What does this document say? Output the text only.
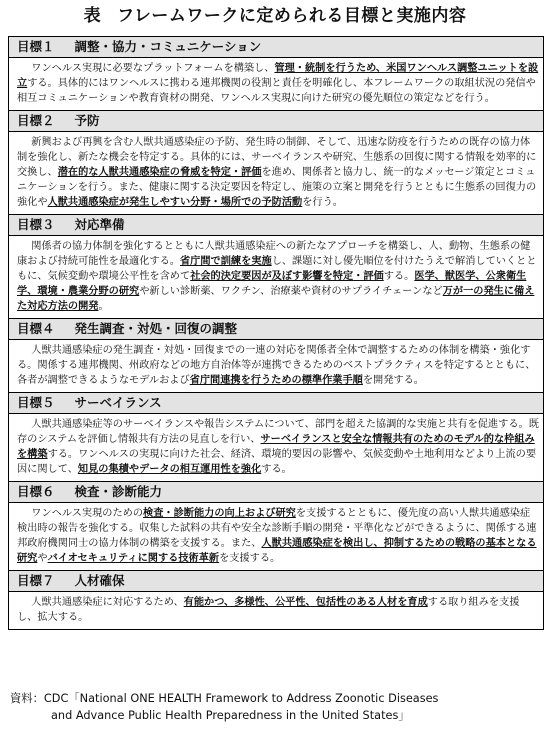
表 フレームワークに定められる目標と実施内容
目標１ 調整・協力・コミュニケーション
ワンヘルス実現に必要なプラットフォームを構築し、管理・統制を行うため、米国ワンヘルス調整ユニットを設立する。具体的にはワンヘルスに携わる連邦機関の役割と責任を明確化し、本フレームワークの取組状況の発信や相互コミュニケーションや教育資材の開発、ワンヘルス実現に向けた研究の優先順位の策定などを行う。
目標２ 予防
新興および再興を含む人獣共通感染症の予防、発生時の制御、そして、迅速な防疫を行うための既存の協力体制を強化し、新たな機会を特定する。具体的には、サーベイランスや研究、生態系の回復に関する情報を効率的に交換し、潜在的な人獣共通感染症の脅威を特定・評価を進め、関係者と協力し、統一的なメッセージ策定とコミュニケーションを行う。また、健康に関する決定要因を特定し、施策の立案と開発を行うとともに生態系の回復力の強化や人獣共通感染症が発生しやすい分野・場所での予防活動を行う。
目標３ 対応準備
関係者の協力体制を強化するとともに人獣共通感染症への新たなアプローチを構築し、人、動物、生態系の健康および持続可能性を最適化する。省庁間で訓練を実施し、課題に対し優先順位を付けたうえで解消していくとともに、気候変動や環境公平性を含めて社会的決定要因が及ぼす影響を特定・評価する。医学、獣医学、公衆衛生学、環境・農業分野の研究や新しい診断薬、ワクチン、治療薬や資材のサプライチェーンなど万が一の発生に備えた対応方法の開発。
目標４ 発生調査・対処・回復の調整
人獣共通感染症の発生調査・対処・回復までの一連の対応を関係者全体で調整するための体制を構築・強化する。関係する連邦機関、州政府などの地方自治体等が連携できるためのベストプラクティスを特定するとともに、各者が調整できるようなモデルおよび省庁間連携を行うための標準作業手順を開発する。
目標５ サーベイランス
人獣共通感染症等のサーベイランスや報告システムについて、部門を超えた協調的な実施と共有を促進する。既存のシステムを評価し情報共有方法の見直しを行い、サーベイランスと安全な情報共有のためのモデル的な枠組みを構築する。ワンヘルスの実現に向けた社会、経済、環境的要因の影響や、気候変動や土地利用などより上流の要因に関して、知見の集積やデータの相互運用性を強化する。
目標６ 検査・診断能力
ワンヘルス実現のための検査・診断能力の向上および研究を支援するとともに、優先度の高い人獣共通感染症検出時の報告を強化する。収集した試料の共有や安全な診断手順の開発・平準化などができるように、関係する連邦政府機関同士の協力体制の構築を支援する。また、人獣共通感染症を検出し、抑制するための戦略の基本となる研究やバイオセキュリティに関する技術革新を支援する。
目標７ 人材確保
人獣共通感染症に対応するため、有能かつ、多様性、公平性、包括性のある人材を育成する取り組みを支援し、拡大する。
資料：CDC「National ONE HEALTH Framework to Address Zoonotic Diseases
and Advance Public Health Preparedness in the United States」
